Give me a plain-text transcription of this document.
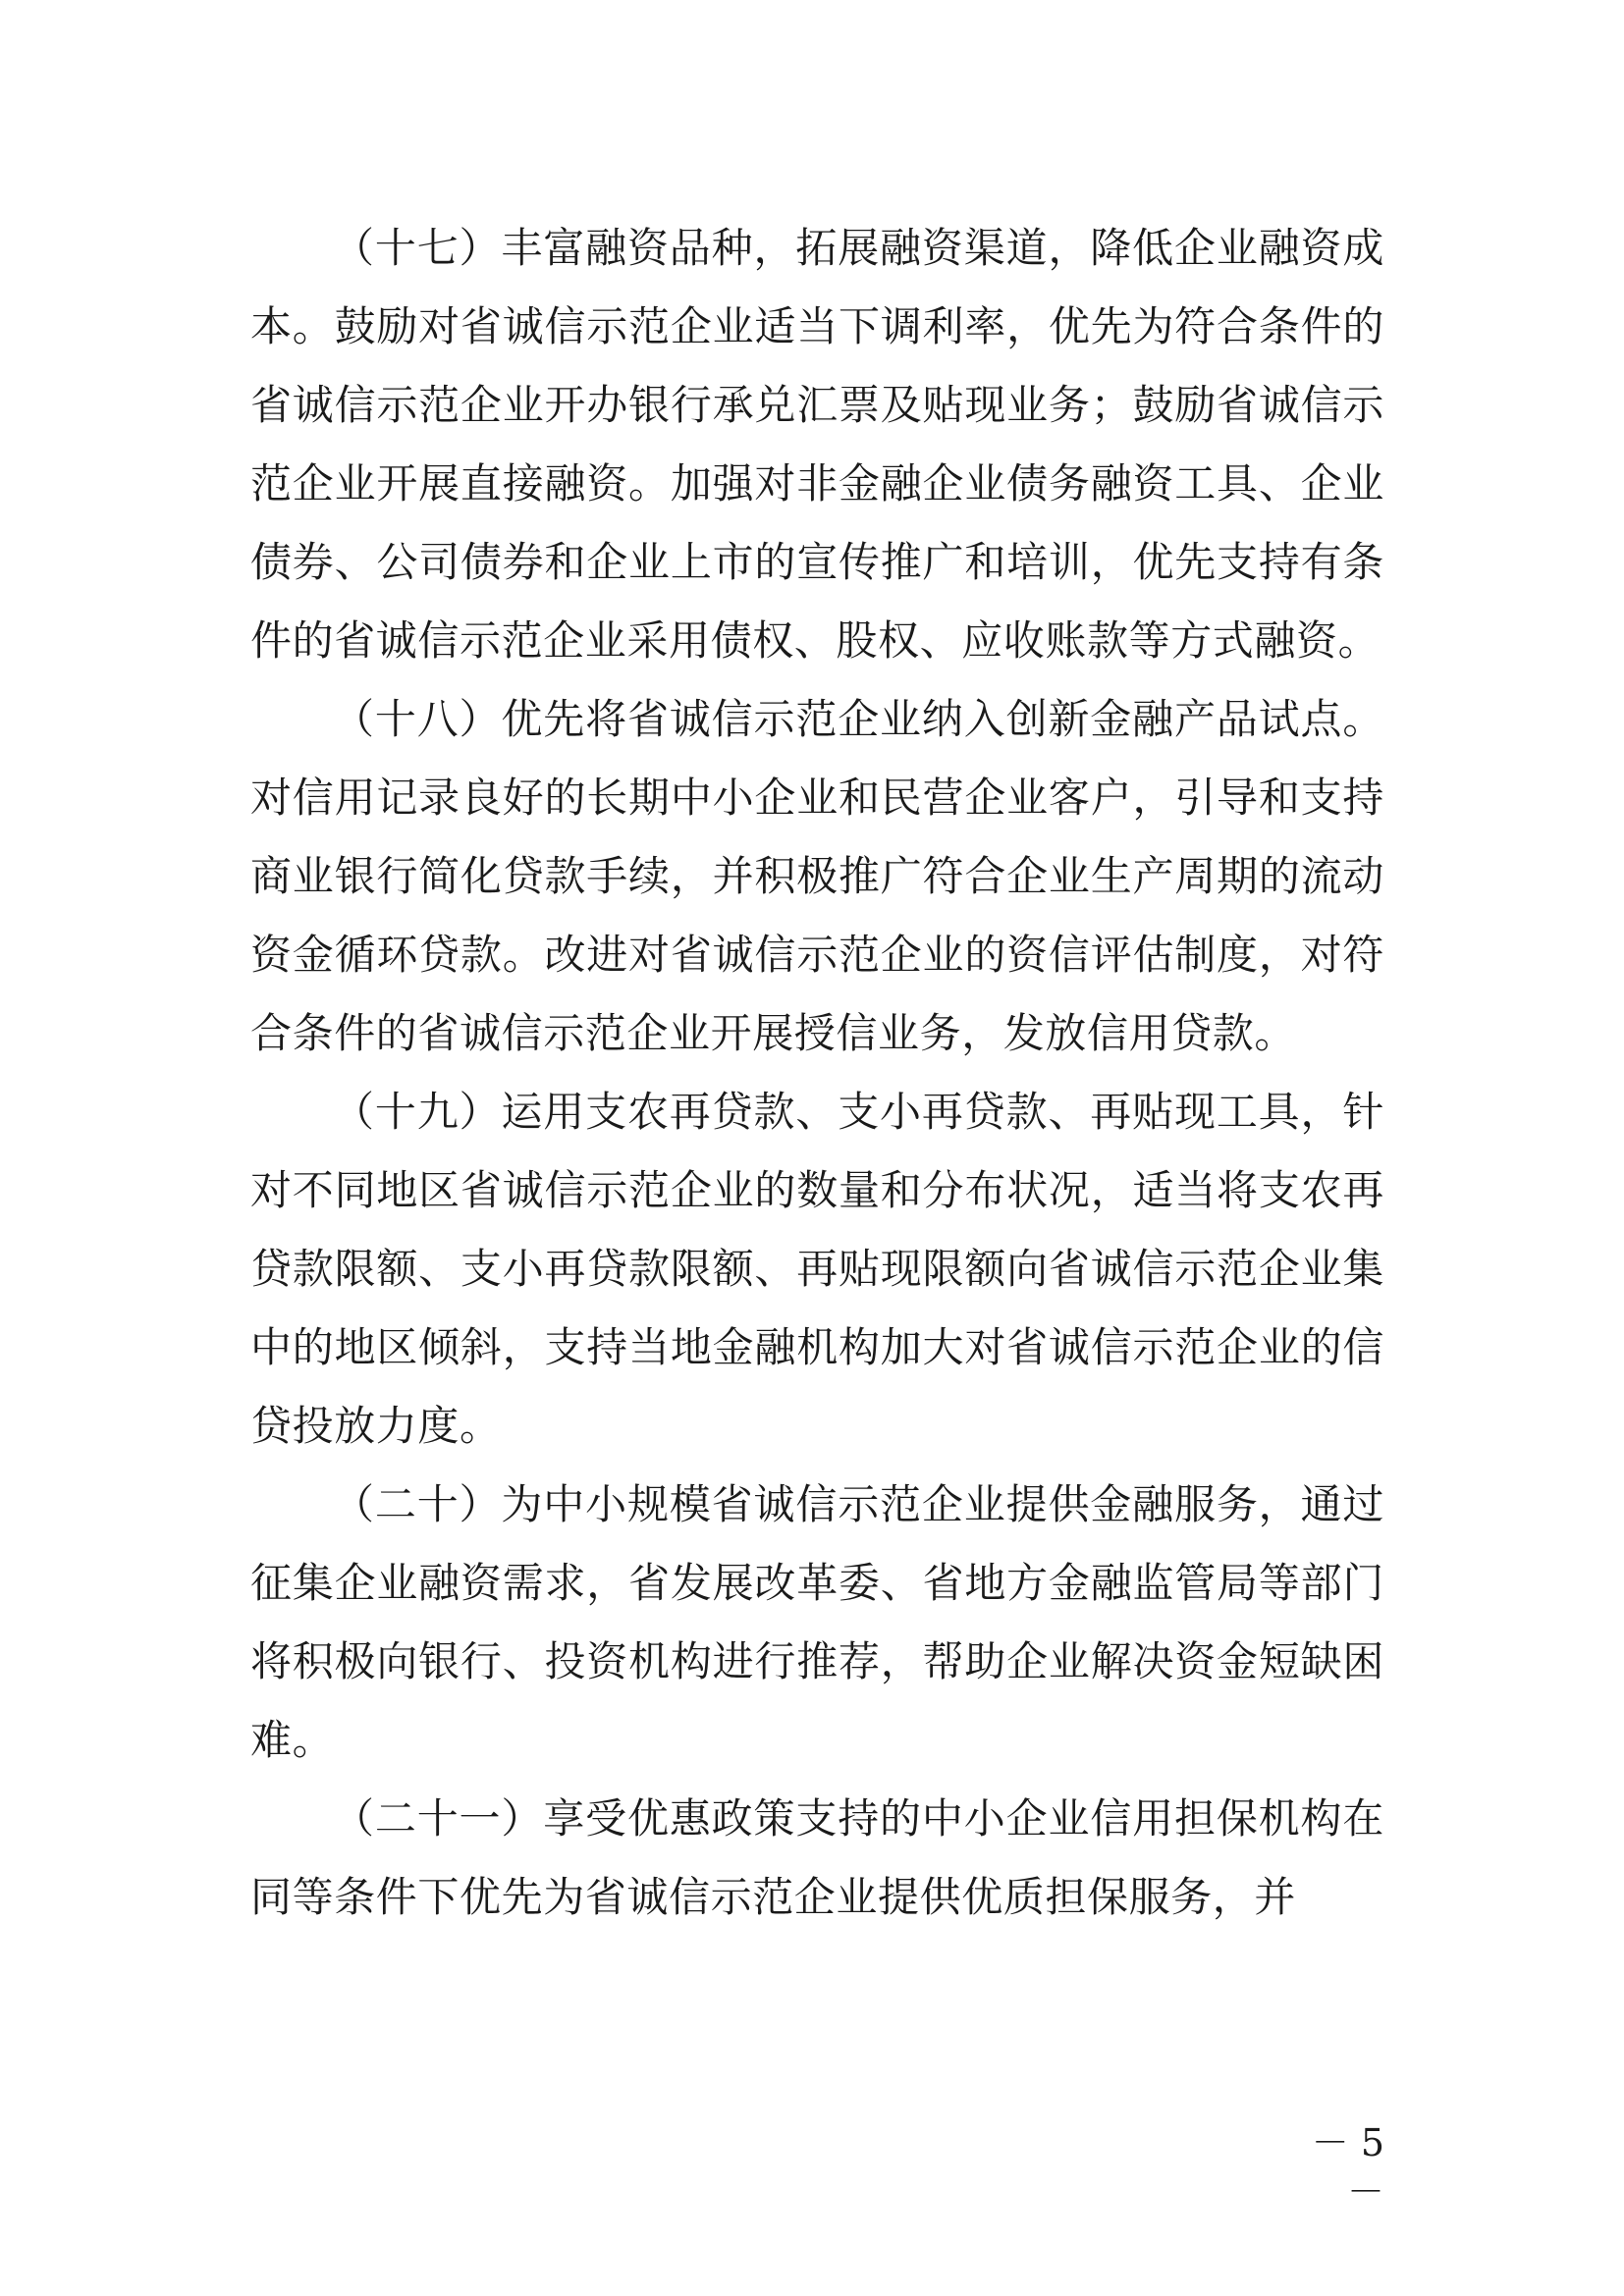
（十七）丰富融资品种，拓展融资渠道，降低企业融资成本。鼓励对省诚信示范企业适当下调利率，优先为符合条件的省诚信示范企业开办银行承兑汇票及贴现业务；鼓励省诚信示范企业开展直接融资。加强对非金融企业债务融资工具、企业债券、公司债券和企业上市的宣传推广和培训，优先支持有条件的省诚信示范企业采用债权、股权、应收账款等方式融资。

（十八）优先将省诚信示范企业纳入创新金融产品试点。对信用记录良好的长期中小企业和民营企业客户，引导和支持商业银行简化贷款手续，并积极推广符合企业生产周期的流动资金循环贷款。改进对省诚信示范企业的资信评估制度，对符合条件的省诚信示范企业开展授信业务，发放信用贷款。

（十九）运用支农再贷款、支小再贷款、再贴现工具，针对不同地区省诚信示范企业的数量和分布状况，适当将支农再贷款限额、支小再贷款限额、再贴现限额向省诚信示范企业集中的地区倾斜，支持当地金融机构加大对省诚信示范企业的信贷投放力度。

（二十）为中小规模省诚信示范企业提供金融服务，通过征集企业融资需求，省发展改革委、省地方金融监管局等部门将积极向银行、投资机构进行推荐，帮助企业解决资金短缺困难。

（二十一）享受优惠政策支持的中小企业信用担保机构在同等条件下优先为省诚信示范企业提供优质担保服务，并

－ 5 －
